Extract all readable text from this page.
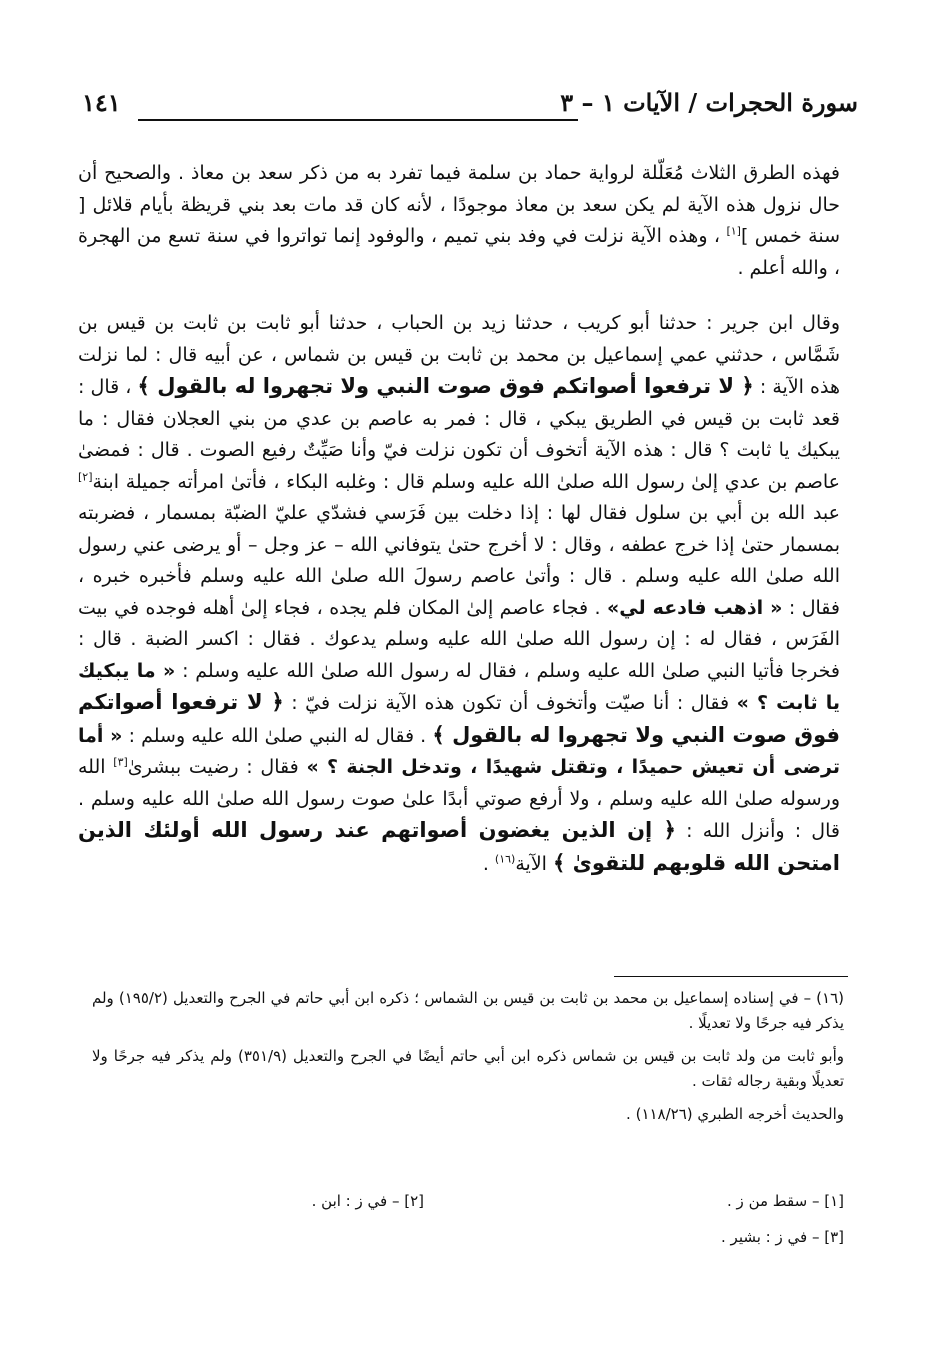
١٤١	سورة الحجرات / الآيات ١ – ٣

فهذه الطرق الثلاث مُعَلّلة لرواية حماد بن سلمة فيما تفرد به من ذكر سعد بن معاذ . والصحيح أن حال نزول هذه الآية لم يكن سعد بن معاذ موجودًا ، لأنه كان قد مات بعد بني قريظة بأيام قلائل [ سنة خمس ][١] ، وهذه الآية نزلت في وفد بني تميم ، والوفود إنما تواتروا في سنة تسع من الهجرة ، والله أعلم .

وقال ابن جرير : حدثنا أبو كريب ، حدثنا زيد بن الحباب ، حدثنا أبو ثابت بن ثابت بن قيس بن شَمَّاس ، حدثني عمي إسماعيل بن محمد بن ثابت بن قيس بن شماس ، عن أبيه قال : لما نزلت هذه الآية : ﴿ لا ترفعوا أصواتكم فوق صوت النبي ولا تجهروا له بالقول ﴾ ، قال : قعد ثابت بن قيس في الطريق يبكي ، قال : فمر به عاصم بن عدي من بني العجلان فقال : ما يبكيك يا ثابت ؟ قال : هذه الآية أتخوف أن تكون نزلت فيّ وأنا صَيِّتٌ رفيع الصوت . قال : فمضىٰ عاصم بن عدي إلىٰ رسول الله صلىٰ الله عليه وسلم قال : وغلبه البكاء ، فأتىٰ امرأته جميلة ابنة[٢] عبد الله بن أبي بن سلول فقال لها : إذا دخلت بين فَرَسي فشدّي عليّ الضبّة بمسمار ، فضربته بمسمار حتىٰ إذا خرج عطفه ، وقال : لا أخرج حتىٰ يتوفاني الله – عز وجل – أو يرضى عني رسول الله صلىٰ الله عليه وسلم . قال : وأتىٰ عاصم رسولَ الله صلىٰ الله عليه وسلم فأخبره خبره ، فقال : « اذهب فادعه لي» . فجاء عاصم إلىٰ المكان فلم يجده ، فجاء إلىٰ أهله فوجده في بيت الفَرَس ، فقال له : إن رسول الله صلىٰ الله عليه وسلم يدعوك . فقال : اكسر الضبة . قال : فخرجا فأتيا النبي صلىٰ الله عليه وسلم ، فقال له رسول الله صلىٰ الله عليه وسلم : « ما يبكيك يا ثابت ؟ » فقال : أنا صيّت وأتخوف أن تكون هذه الآية نزلت فيّ : ﴿ لا ترفعوا أصواتكم فوق صوت النبي ولا تجهروا له بالقول ﴾ . فقال له النبي صلىٰ الله عليه وسلم : « أما ترضى أن تعيش حميدًا ، وتقتل شهيدًا ، وتدخل الجنة ؟ » فقال : رضيت ببشرىٰ[٣] الله ورسوله صلىٰ الله عليه وسلم ، ولا أرفع صوتي أبدًا علىٰ صوت رسول الله صلىٰ الله عليه وسلم . قال : وأنزل الله : ﴿ إن الذين يغضون أصواتهم عند رسول الله أولئك الذين امتحن الله قلوبهم للتقوىٰ ﴾ الآية$^{(١٦)}$ .

(١٦) – في إسناده إسماعيل بن محمد بن ثابت بن قيس بن الشماس ؛ ذكره ابن أبي حاتم في الجرح والتعديل (١٩٥/٢) ولم يذكر فيه جرحًا ولا تعديلًا .

وأبو ثابت من ولد ثابت بن قيس بن شماس ذكره ابن أبي حاتم أيضًا في الجرح والتعديل (٣٥١/٩) ولم يذكر فيه جرحًا ولا تعديلًا وبقية رجاله ثقات .

والحديث أخرجه الطبري (١١٨/٢٦) .

[١] – سقط من ز .
[٢] – في ز : ابن .
[٣] – في ز : بشير .
